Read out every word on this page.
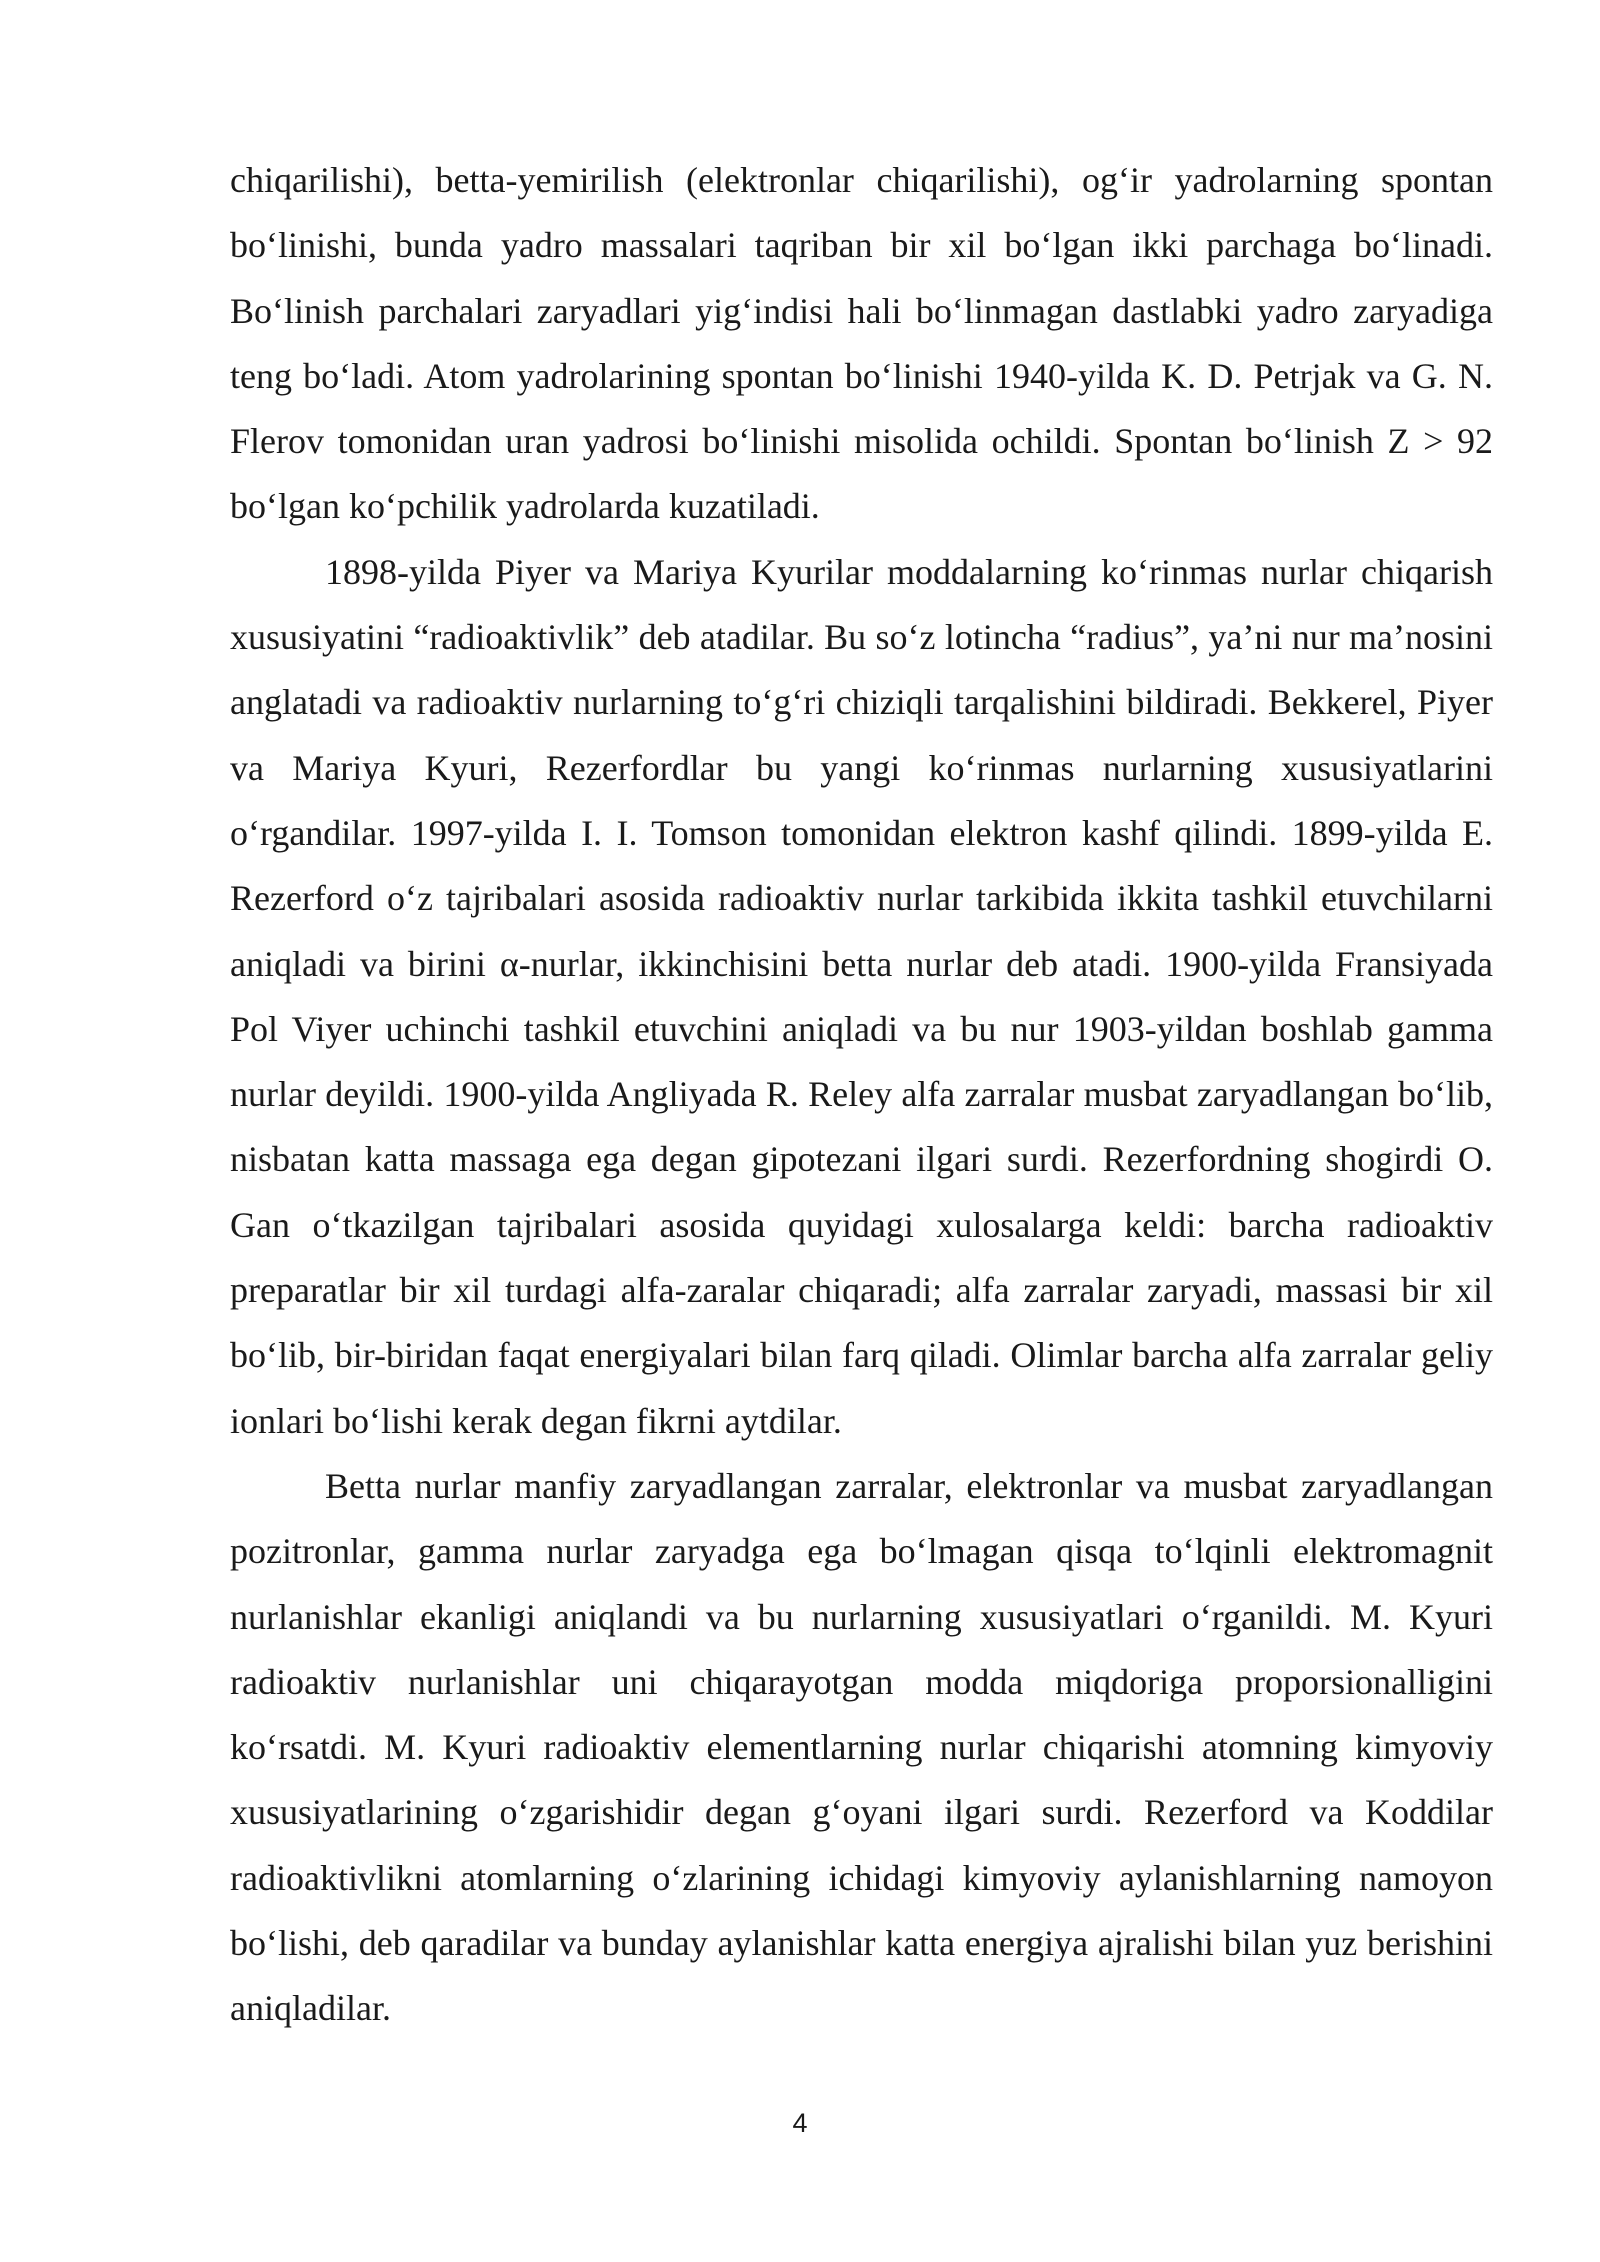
chiqarilishi), betta-yemirilish (elektronlar chiqarilishi), og‘ir yadrolarning spontan bo‘linishi, bunda yadro massalari taqriban bir xil bo‘lgan ikki parchaga bo‘linadi. Bo‘linish parchalari zaryadlari yig‘indisi hali bo‘linmagan dastlabki yadro zaryadiga teng bo‘ladi. Atom yadrolarining spontan bo‘linishi 1940-yilda K. D. Petrjak va G. N. Flerov tomonidan uran yadrosi bo‘linishi misolida ochildi. Spontan bo‘linish Z > 92 bo‘lgan ko‘pchilik yadrolarda kuzatiladi.

1898-yilda Piyer va Mariya Kyurilar moddalarning ko‘rinmas nurlar chiqarish xususiyatini “radioaktivlik” deb atadilar. Bu so‘z lotincha “radius”, ya’ni nur ma’nosini anglatadi va radioaktiv nurlarning to‘g‘ri chiziqli tarqalishini bildiradi. Bekkerel, Piyer va Mariya Kyuri, Rezerfordlar bu yangi ko‘rinmas nurlarning xususiyatlarini o‘rgandilar. 1997-yilda I. I. Tomson tomonidan elektron kashf qilindi. 1899-yilda E. Rezerford o‘z tajribalari asosida radioaktiv nurlar tarkibida ikkita tashkil etuvchilarni aniqladi va birini α-nurlar, ikkinchisini betta nurlar deb atadi. 1900-yilda Fransiyada Pol Viyer uchinchi tashkil etuvchini aniqladi va bu nur 1903-yildan boshlab gamma nurlar deyildi. 1900-yilda Angliyada R. Reley alfa zarralar musbat zaryadlangan bo‘lib, nisbatan katta massaga ega degan gipotezani ilgari surdi. Rezerfordning shogirdi O. Gan o‘tkazilgan tajribalari asosida quyidagi xulosalarga keldi: barcha radioaktiv preparatlar bir xil turdagi alfa-zaralar chiqaradi; alfa zarralar zaryadi, massasi bir xil bo‘lib, bir-biridan faqat energiyalari bilan farq qiladi. Olimlar barcha alfa zarralar geliy ionlari bo‘lishi kerak degan fikrni aytdilar.

Betta nurlar manfiy zaryadlangan zarralar, elektronlar va musbat zaryadlangan pozitronlar, gamma nurlar zaryadga ega bo‘lmagan qisqa to‘lqinli elektromagnit nurlanishlar ekanligi aniqlandi va bu nurlarning xususiyatlari o‘rganildi. M. Kyuri radioaktiv nurlanishlar uni chiqarayotgan modda miqdoriga proporsionalligini ko‘rsatdi. M. Kyuri radioaktiv elementlarning nurlar chiqarishi atomning kimyoviy xususiyatlarining o‘zgarishidir degan g‘oyani ilgari surdi. Rezerford va Koddilar radioaktivlikni atomlarning o‘zlarining ichidagi kimyoviy aylanishlarning namoyon bo‘lishi, deb qaradilar va bunday aylanishlar katta energiya ajralishi bilan yuz berishini aniqladilar.

4
